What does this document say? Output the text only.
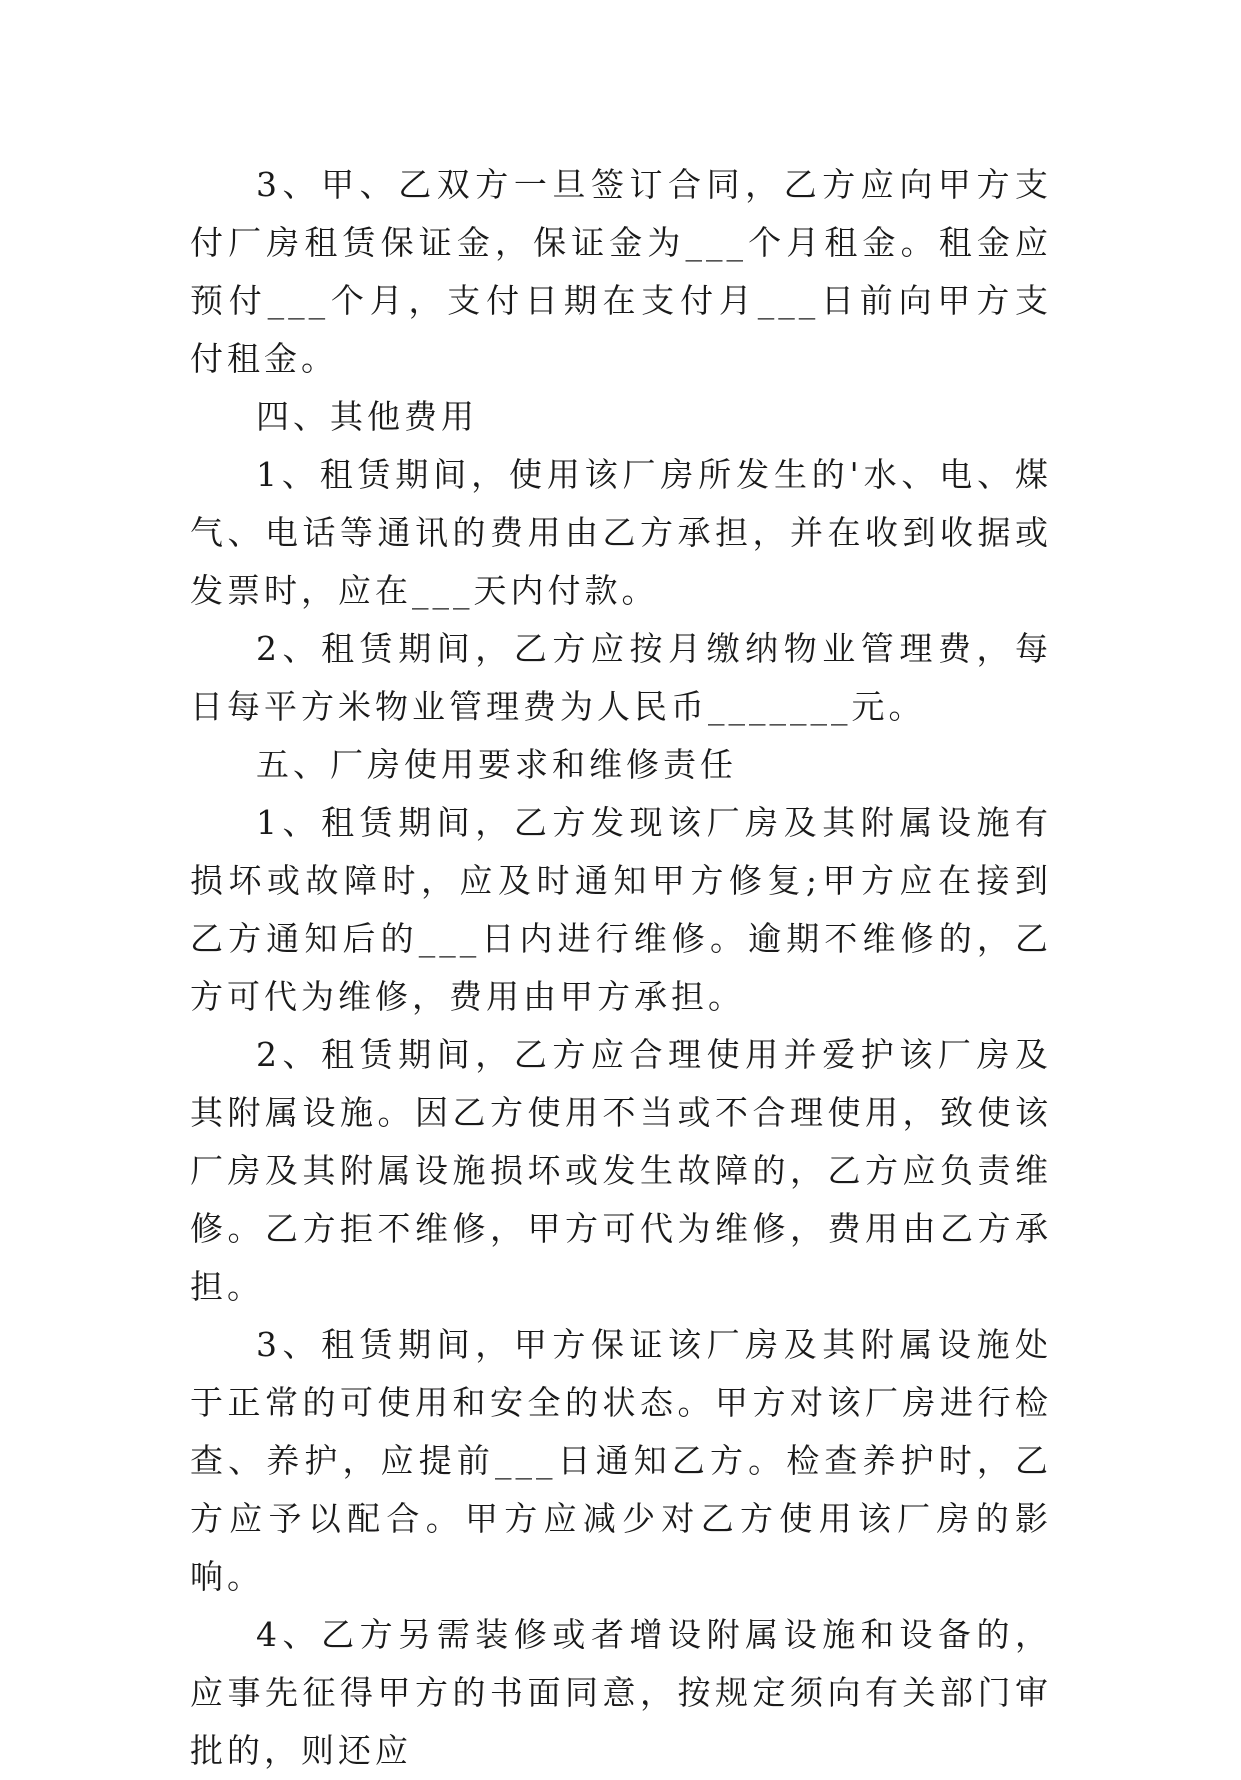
3、甲、乙双方一旦签订合同，乙方应向甲方支付厂房租赁保证金，保证金为___个月租金。租金应预付___个月，支付日期在支付月___日前向甲方支付租金。

四、其他费用

1、租赁期间，使用该厂房所发生的'水、电、煤气、电话等通讯的费用由乙方承担，并在收到收据或发票时，应在___天内付款。

2、租赁期间，乙方应按月缴纳物业管理费，每日每平方米物业管理费为人民币_______元。

五、厂房使用要求和维修责任

1、租赁期间，乙方发现该厂房及其附属设施有损坏或故障时，应及时通知甲方修复;甲方应在接到乙方通知后的___日内进行维修。逾期不维修的，乙方可代为维修，费用由甲方承担。

2、租赁期间，乙方应合理使用并爱护该厂房及其附属设施。因乙方使用不当或不合理使用，致使该厂房及其附属设施损坏或发生故障的，乙方应负责维修。乙方拒不维修，甲方可代为维修，费用由乙方承担。

3、租赁期间，甲方保证该厂房及其附属设施处于正常的可使用和安全的状态。甲方对该厂房进行检查、养护，应提前___日通知乙方。检查养护时，乙方应予以配合。甲方应减少对乙方使用该厂房的影响。

4、乙方另需装修或者增设附属设施和设备的，应事先征得甲方的书面同意，按规定须向有关部门审批的，则还应
